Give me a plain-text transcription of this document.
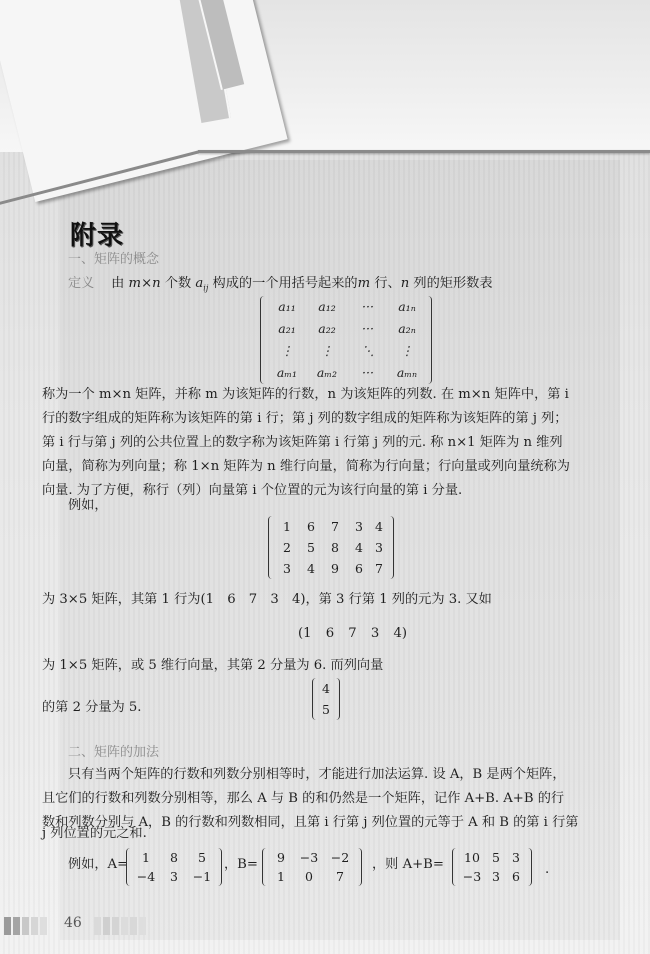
附录
一、矩阵的概念
定义 由 m×n 个数 $a_{ij}$ 构成的一个用括号起来的m 行、n 列的矩形数表
a₁₁	a₁₂	···	a₁ₙ
a₂₁	a₂₂	···	a₂ₙ
⋮	⋮	⋱	⋮
aₘ₁	aₘ₂	···	aₘₙ
称为一个 m×n 矩阵，并称 m 为该矩阵的行数，n 为该矩阵的列数. 在 m×n 矩阵中，第 i
行的数字组成的矩阵称为该矩阵的第 i 行；第 j 列的数字组成的矩阵称为该矩阵的第 j 列；
第 i 行与第 j 列的公共位置上的数字称为该矩阵第 i 行第 j 列的元. 称 n×1 矩阵为 n 维列
向量，简称为列向量；称 1×n 矩阵为 n 维行向量，简称为行向量；行向量或列向量统称为
向量. 为了方便，称行（列）向量第 i 个位置的元为该行向量的第 i 分量.
例如，
1	6	7	3 4
2	5	8	4 3
3	4	9	6 7
为 3×5 矩阵，其第 1 行为(1　6　7　3　4)，第 3 行第 1 列的元为 3. 又如
(1 6 7 3 4)
为 1×5 矩阵，或 5 维行向量，其第 2 分量为 6. 而列向量
4
5
的第 2 分量为 5.
二、矩阵的加法
只有当两个矩阵的行数和列数分别相等时，才能进行加法运算. 设 A，B 是两个矩阵，
且它们的行数和列数分别相等，那么 A 与 B 的和仍然是一个矩阵，记作 A+B. A+B 的行
数和列数分别与 A，B 的行数和列数相同，且第 i 行第 j 列位置的元等于 A 和 B 的第 i 行第
j 列位置的元之和.
例如，A=	1	8	5
−4	3	−1
，B=	9	−3	−2
1	0	7
，则 A+B=	10 5 3
−3 3 6	.
46
